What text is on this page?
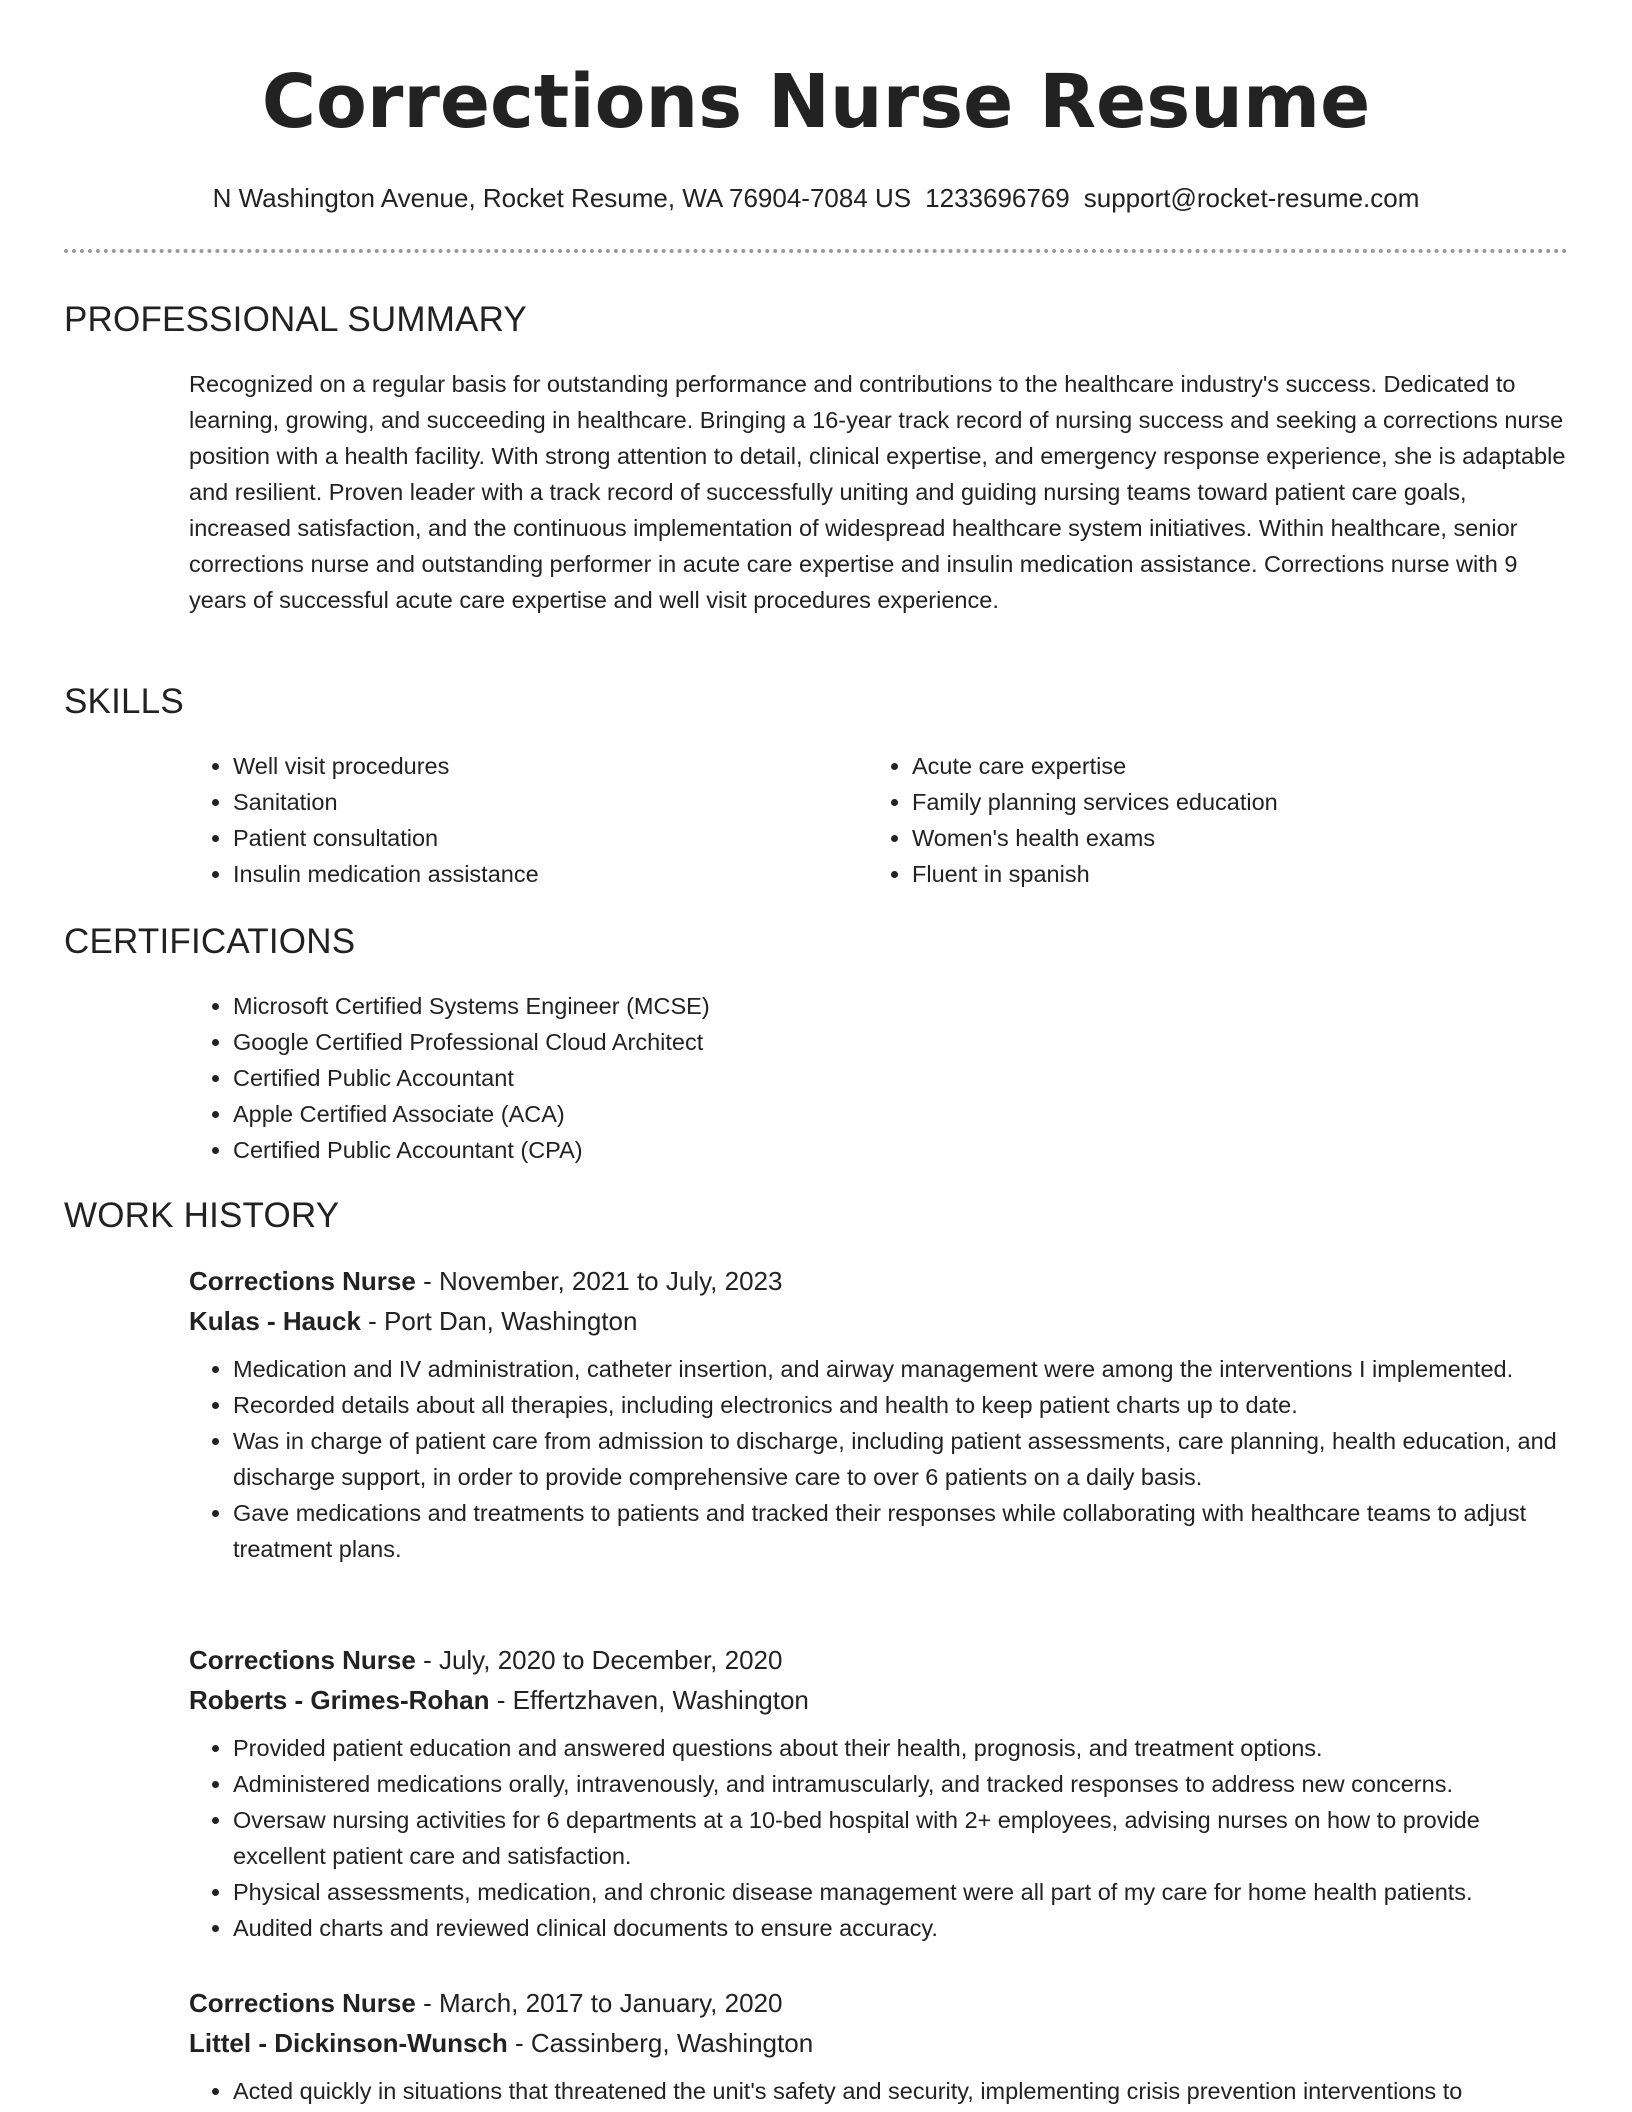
Corrections Nurse Resume
N Washington Avenue, Rocket Resume, WA 76904-7084 US 1233696769 support@rocket-resume.com
PROFESSIONAL SUMMARY

Recognized on a regular basis for outstanding performance and contributions to the healthcare industry's success. Dedicated to learning, growing, and succeeding in healthcare. Bringing a 16-year track record of nursing success and seeking a corrections nurse position with a health facility. With strong attention to detail, clinical expertise, and emergency response experience, she is adaptable and resilient. Proven leader with a track record of successfully uniting and guiding nursing teams toward patient care goals, increased satisfaction, and the continuous implementation of widespread healthcare system initiatives. Within healthcare, senior corrections nurse and outstanding performer in acute care expertise and insulin medication assistance. Corrections nurse with 9 years of successful acute care expertise and well visit procedures experience.

SKILLS
• Well visit procedures
• Sanitation
• Patient consultation
• Insulin medication assistance
• Acute care expertise
• Family planning services education
• Women's health exams
• Fluent in spanish
CERTIFICATIONS
• Microsoft Certified Systems Engineer (MCSE)
• Google Certified Professional Cloud Architect
• Certified Public Accountant
• Apple Certified Associate (ACA)
• Certified Public Accountant (CPA)
WORK HISTORY
Corrections Nurse - November, 2021 to July, 2023
Kulas - Hauck - Port Dan, Washington
• Medication and IV administration, catheter insertion, and airway management were among the interventions I implemented.
• Recorded details about all therapies, including electronics and health to keep patient charts up to date.
• Was in charge of patient care from admission to discharge, including patient assessments, care planning, health education, and discharge support, in order to provide comprehensive care to over 6 patients on a daily basis.
• Gave medications and treatments to patients and tracked their responses while collaborating with healthcare teams to adjust treatment plans.
Corrections Nurse - July, 2020 to December, 2020
Roberts - Grimes-Rohan - Effertzhaven, Washington
• Provided patient education and answered questions about their health, prognosis, and treatment options.
• Administered medications orally, intravenously, and intramuscularly, and tracked responses to address new concerns.
• Oversaw nursing activities for 6 departments at a 10-bed hospital with 2+ employees, advising nurses on how to provide excellent patient care and satisfaction.
• Physical assessments, medication, and chronic disease management were all part of my care for home health patients.
• Audited charts and reviewed clinical documents to ensure accuracy.
Corrections Nurse - March, 2017 to January, 2020
Littel - Dickinson-Wunsch - Cassinberg, Washington
• Acted quickly in situations that threatened the unit's safety and security, implementing crisis prevention interventions to
